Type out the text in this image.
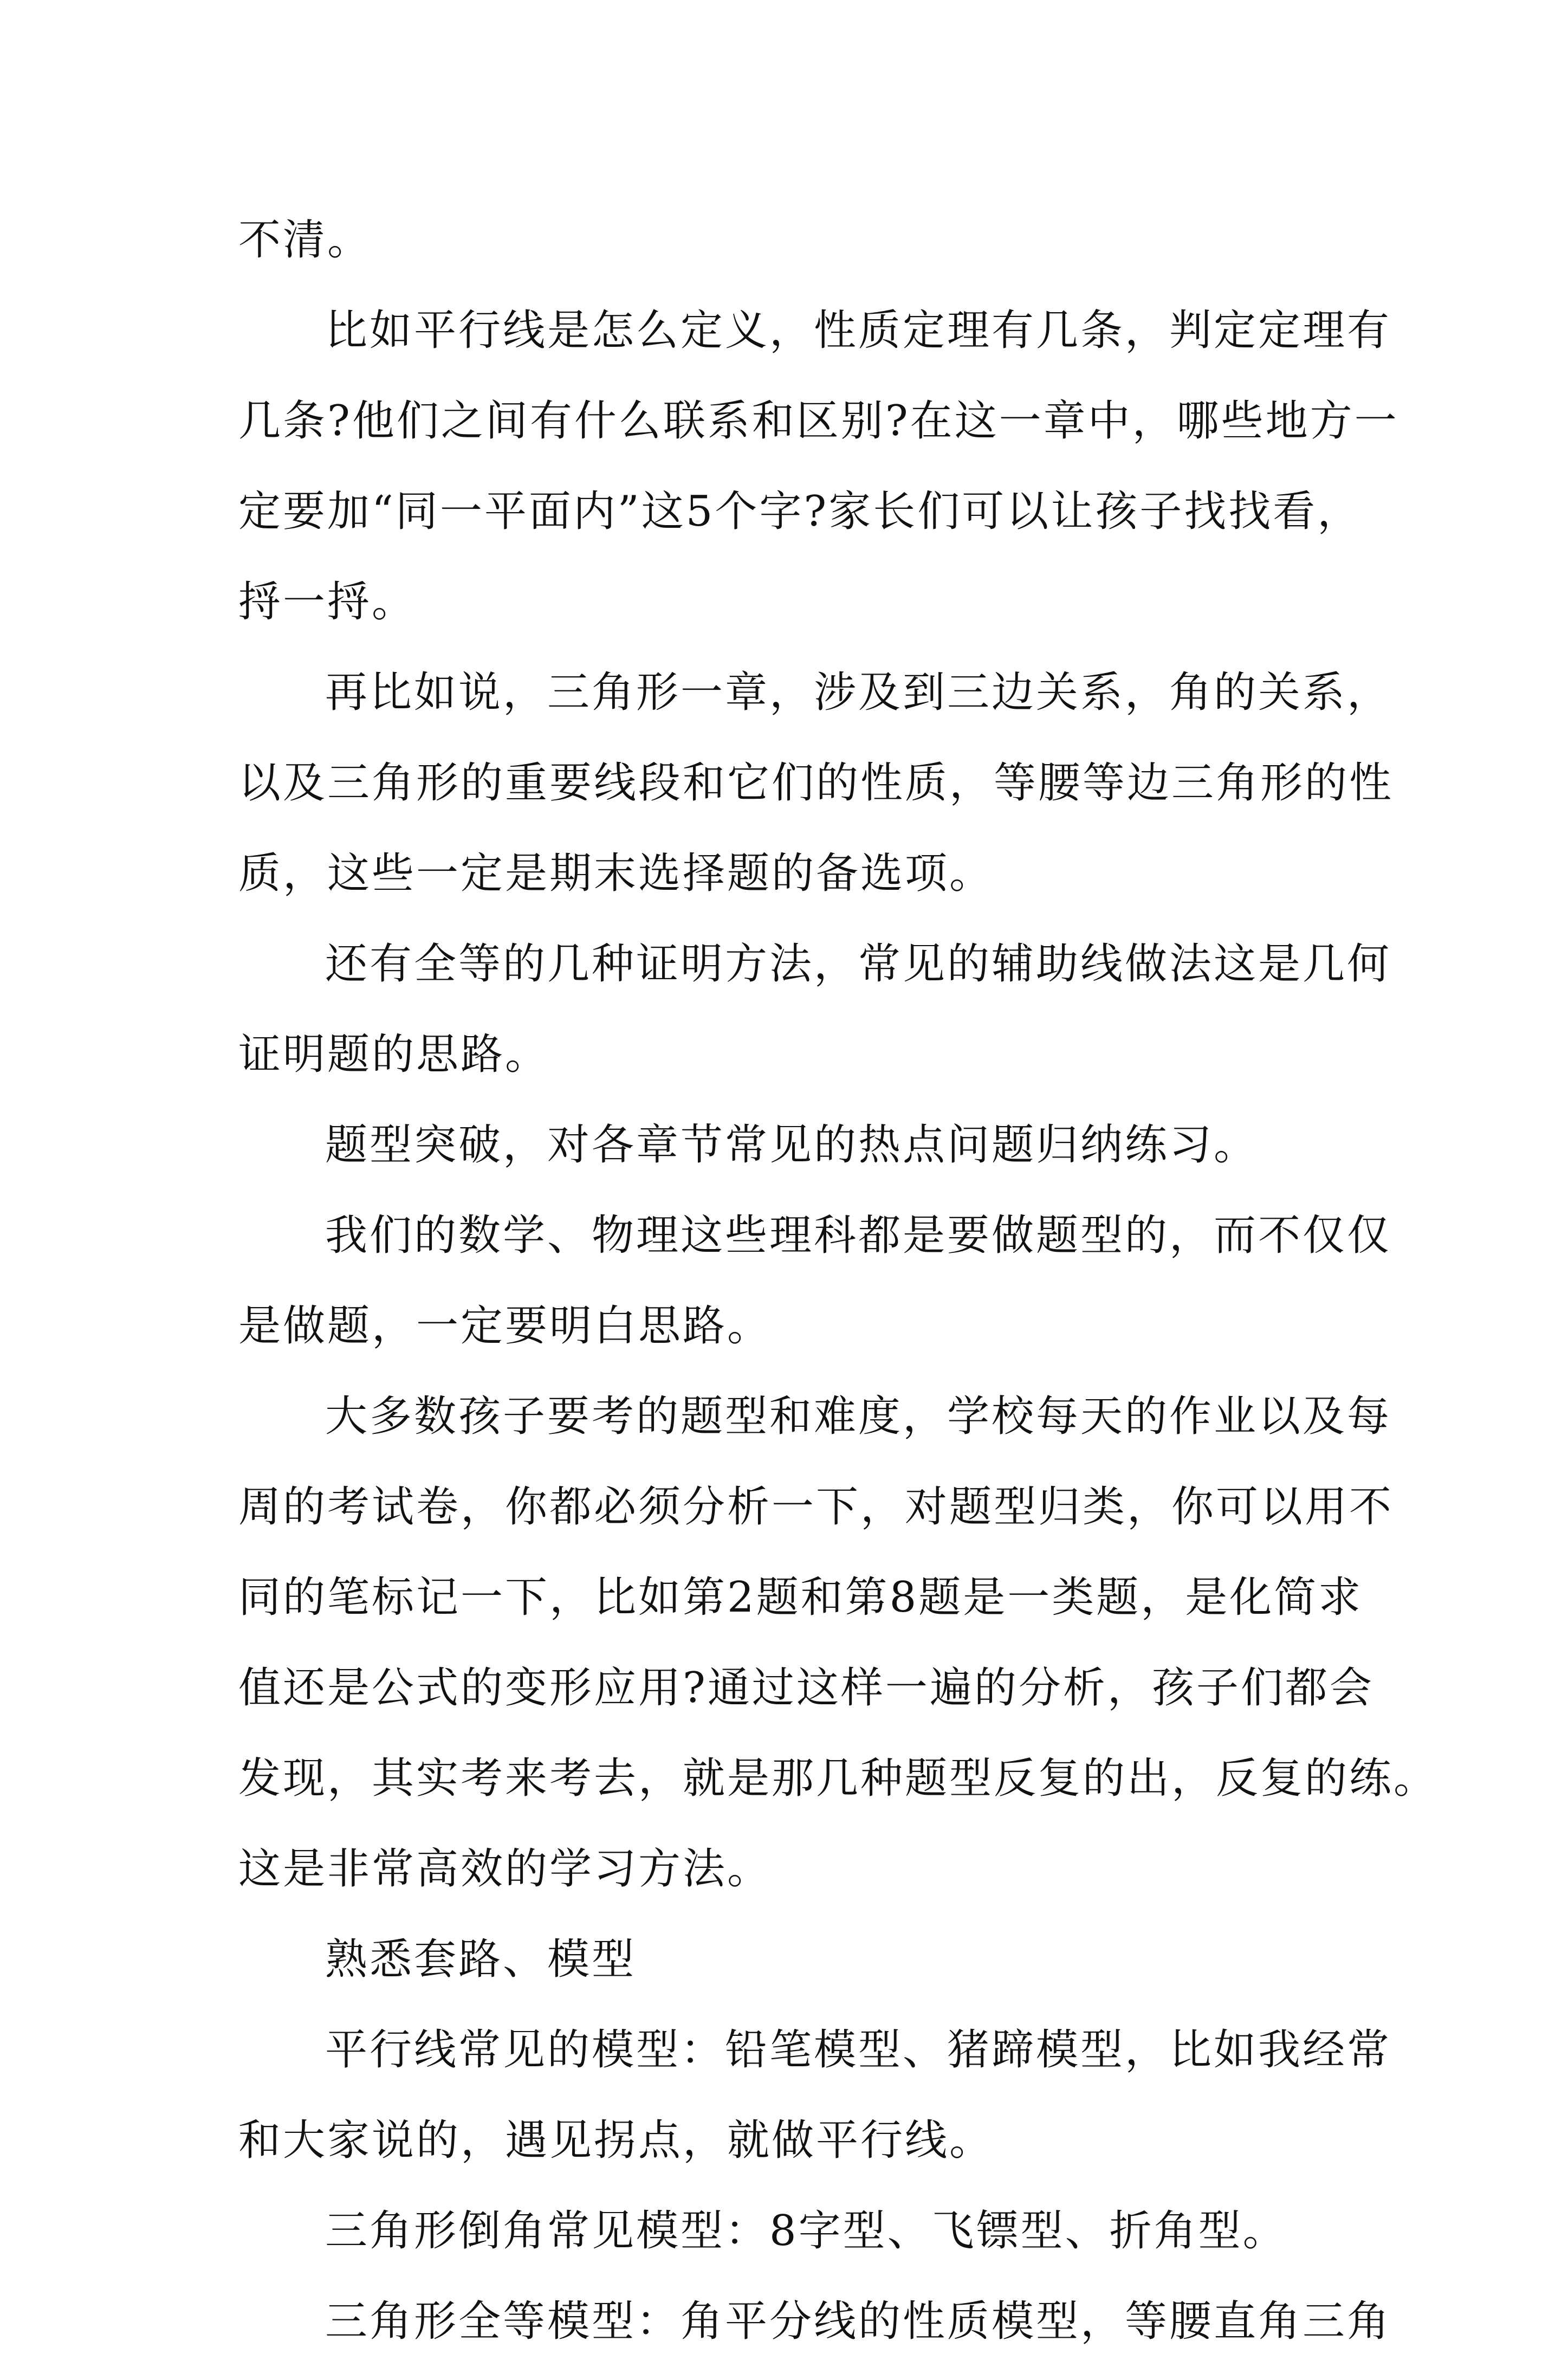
不清。
比如平行线是怎么定义，性质定理有几条，判定定理有
几条?他们之间有什么联系和区别?在这一章中，哪些地方一
定要加“同一平面内”这5个字?家长们可以让孩子找找看，
捋一捋。
再比如说，三角形一章，涉及到三边关系，角的关系，
以及三角形的重要线段和它们的性质，等腰等边三角形的性
质，这些一定是期末选择题的备选项。
还有全等的几种证明方法，常见的辅助线做法这是几何
证明题的思路。
题型突破，对各章节常见的热点问题归纳练习。
我们的数学、物理这些理科都是要做题型的，而不仅仅
是做题，一定要明白思路。
大多数孩子要考的题型和难度，学校每天的作业以及每
周的考试卷，你都必须分析一下，对题型归类，你可以用不
同的笔标记一下，比如第2题和第8题是一类题，是化简求
值还是公式的变形应用?通过这样一遍的分析，孩子们都会
发现，其实考来考去，就是那几种题型反复的出，反复的练。
这是非常高效的学习方法。
熟悉套路、模型
平行线常见的模型：铅笔模型、猪蹄模型，比如我经常
和大家说的，遇见拐点，就做平行线。
三角形倒角常见模型：8字型、飞镖型、折角型。
三角形全等模型：角平分线的性质模型，等腰直角三角
